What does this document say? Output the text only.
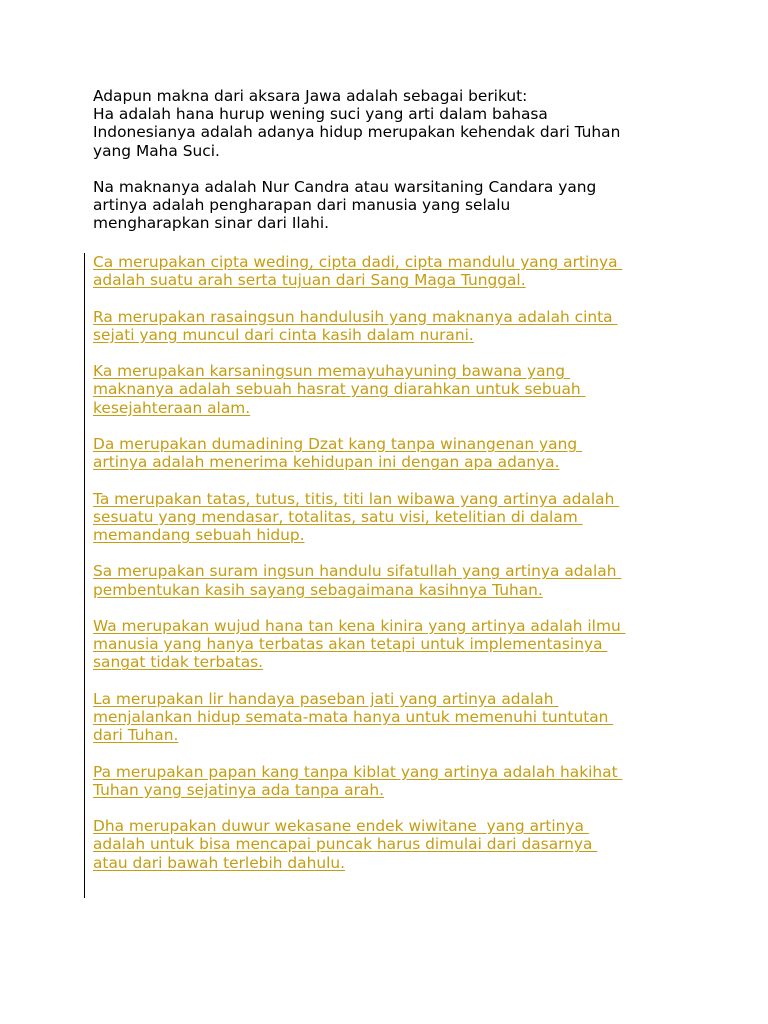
Adapun makna dari aksara Jawa adalah sebagai berikut:
Ha adalah hana hurup wening suci yang arti dalam bahasa
Indonesianya adalah adanya hidup merupakan kehendak dari Tuhan
yang Maha Suci.

Na maknanya adalah Nur Candra atau warsitaning Candara yang
artinya adalah pengharapan dari manusia yang selalu
mengharapkan sinar dari Ilahi.

Ca merupakan cipta weding, cipta dadi, cipta mandulu yang artinya
adalah suatu arah serta tujuan dari Sang Maga Tunggal.

Ra merupakan rasaingsun handulusih yang maknanya adalah cinta
sejati yang muncul dari cinta kasih dalam nurani.

Ka merupakan karsaningsun memayuhayuning bawana yang
maknanya adalah sebuah hasrat yang diarahkan untuk sebuah
kesejahteraan alam.

Da merupakan dumadining Dzat kang tanpa winangenan yang
artinya adalah menerima kehidupan ini dengan apa adanya.

Ta merupakan tatas, tutus, titis, titi lan wibawa yang artinya adalah
sesuatu yang mendasar, totalitas, satu visi, ketelitian di dalam
memandang sebuah hidup.

Sa merupakan suram ingsun handulu sifatullah yang artinya adalah
pembentukan kasih sayang sebagaimana kasihnya Tuhan.

Wa merupakan wujud hana tan kena kinira yang artinya adalah ilmu
manusia yang hanya terbatas akan tetapi untuk implementasinya
sangat tidak terbatas.

La merupakan lir handaya paseban jati yang artinya adalah
menjalankan hidup semata-mata hanya untuk memenuhi tuntutan
dari Tuhan.

Pa merupakan papan kang tanpa kiblat yang artinya adalah hakihat
Tuhan yang sejatinya ada tanpa arah.

Dha merupakan duwur wekasane endek wiwitane  yang artinya
adalah untuk bisa mencapai puncak harus dimulai dari dasarnya
atau dari bawah terlebih dahulu.
